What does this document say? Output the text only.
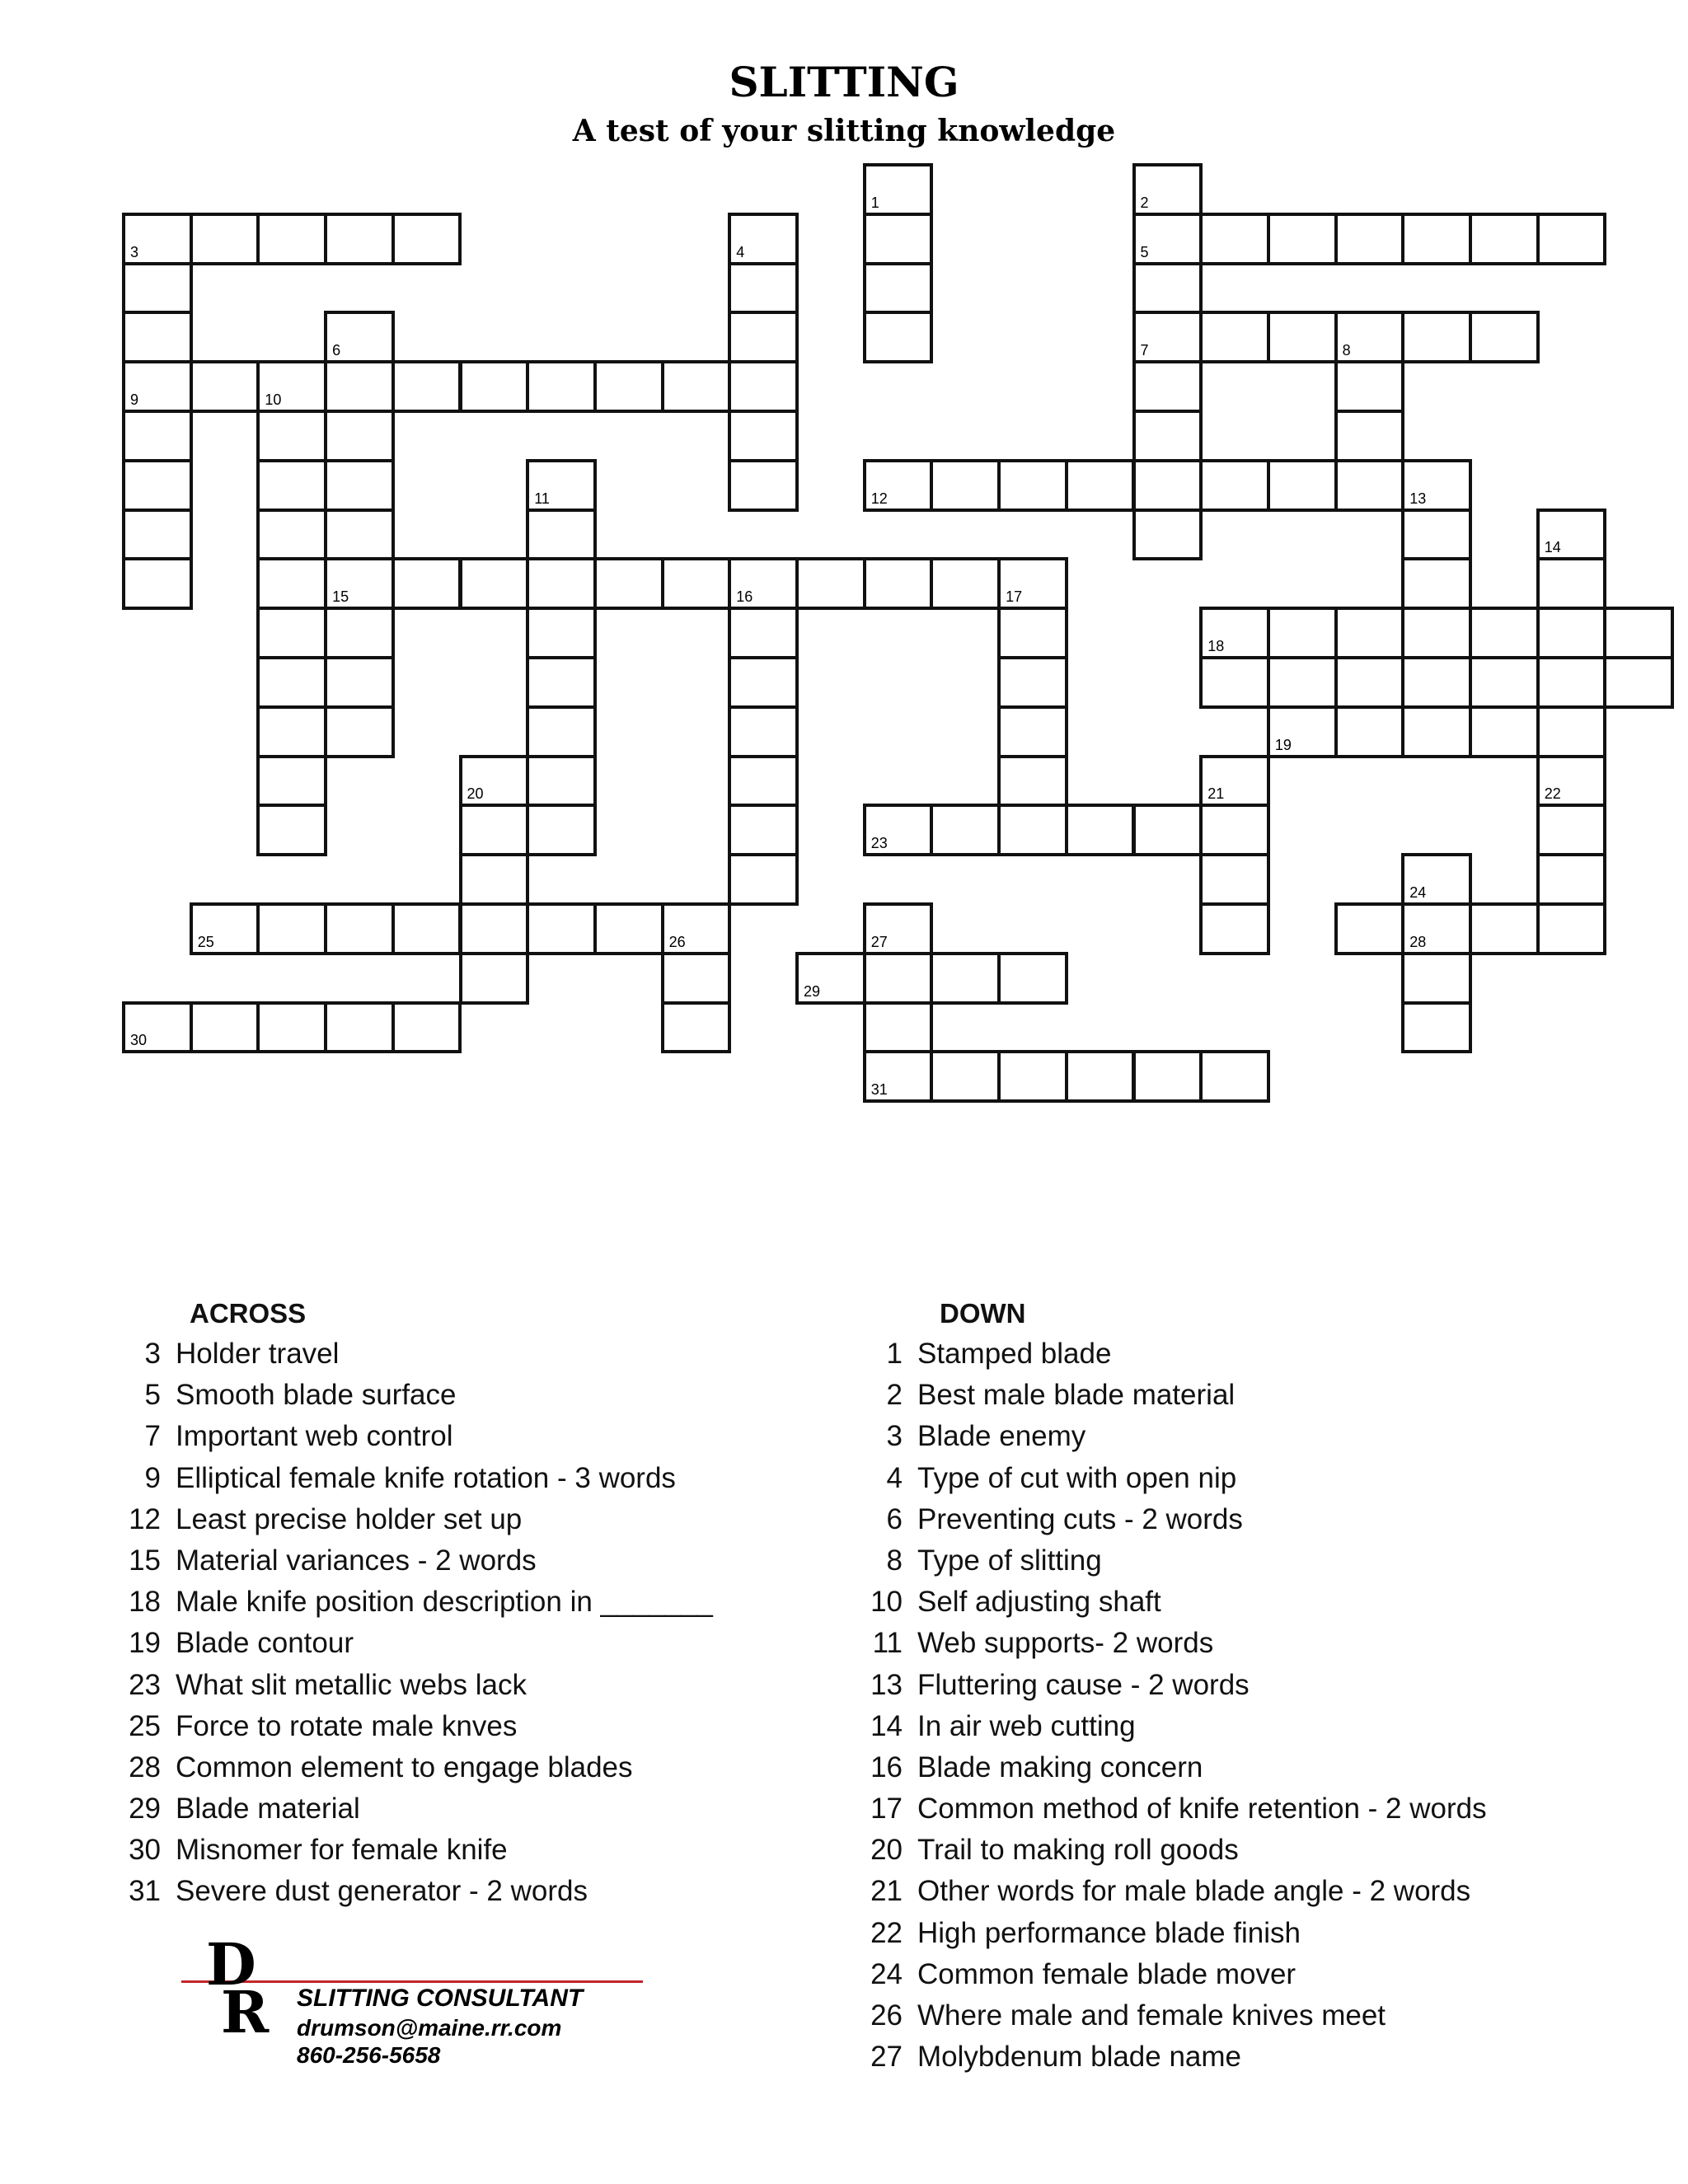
SLITTING
A test of your slitting knowledge
3	5
7	8
9	10
12
15	16
18
19
23
25	26	28
29
30
31
1	2
4
6
11	13
14
17
20	21	22
24
27
ACROSS
3 Holder travel
5 Smooth blade surface
7 Important web control
9 Elliptical female knife rotation - 3 words
12 Least precise holder set up
15 Material variances - 2 words
18 Male knife position description in _______
19 Blade contour
23 What slit metallic webs lack
25 Force to rotate male knves
28 Common element to engage blades
29 Blade material
30 Misnomer for female knife
31 Severe dust generator - 2 words
DOWN
1 Stamped blade
2 Best male blade material
3 Blade enemy
4 Type of cut with open nip
6 Preventing cuts - 2 words
8 Type of slitting
10 Self adjusting shaft
11 Web supports- 2 words
13 Fluttering cause - 2 words
14 In air web cutting
16 Blade making concern
17 Common method of knife retention - 2 words
20 Trail to making roll goods
21 Other words for male blade angle - 2 words
22 High performance blade finish
24 Common female blade mover
26 Where male and female knives meet
27 Molybdenum blade name
D
R SLITTING CONSULTANT
drumson@maine.rr.com
860-256-5658
